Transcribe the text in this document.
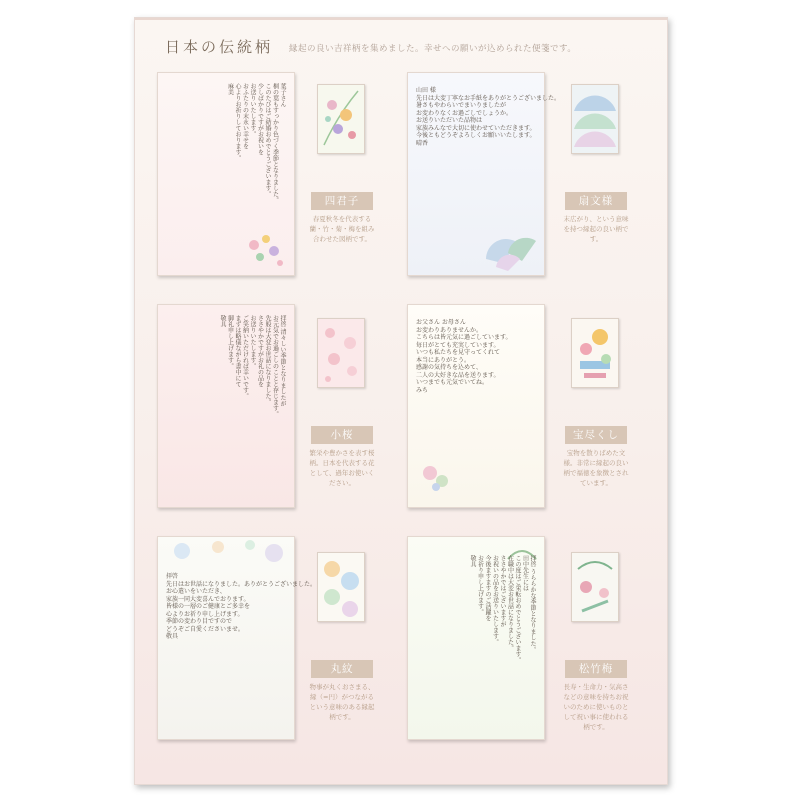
日本の伝統柄 縁起の良い吉祥柄を集めました。幸せへの願いが込められた便箋です。
葉子さん
桐の葉もすっかり色づく季節となりました。
このたびはご結婚おめでとうございます。
少しばかりですがお祝いを
お送りいたします。
おふたりの末永い幸せを
心よりお祈りしております。
麻美
四君子
春夏秋冬を代表する蘭・竹・菊・梅を組み合わせた図柄です。
山田 様
先日は大変丁寧なお手紙をありがとうございました。
暑さもやわらいでまいりましたが
お変わりなくお過ごしでしょうか。
お送りいただいた品物は
家族みんなで大切に使わせていただきます。
今後ともどうぞよろしくお願いいたします。
晴香
扇文様
末広がり、という意味を持つ縁起の良い柄です。
拝啓 清々しい季節となりましたが
お元気でお過ごしのことと存じます。
先般は大変お世話になりました。
ささやかですがお礼の品を
お送りいたします。
ご笑納いただければ幸いです。
まずは略儀ながら書中にて
御礼申し上げます。
敬具
小桜
繁栄や豊かさを表す桜柄。日本を代表する花として、過年お使いください。
お父さん お母さん
お変わりありませんか。
こちらは皆元気に過ごしています。
毎日がとても充実しています。
いつも私たちを見守ってくれて
本当にありがとう。
感謝の気持ちを込めて、
二人の大好きな品を送ります。
いつまでも元気でいてね。
みち
宝尽くし
宝物を散りばめた文様。非常に縁起の良い柄で福徳を象徴とされています。
拝啓
先日はお世話になりました。ありがとうございました。
お心遣いをいただき、
家族一同大変喜んでおります。
皆様の一層のご健康とご多幸を
心よりお祈り申し上げます。
季節の変わり目ですので
どうぞご自愛くださいませ。
敬具
丸紋
物事が丸くおさまる、縁（=円）がつながるという意味のある縁起柄です。
拝啓 うららかな季節となりました。
田中先生には
この度はご栄転おめでとうございます。
在職中は大変お世話になりました。
ささやかではございますが
お祝いの品をお送りいたします。
今後ますますのご活躍を
お祈り申し上げます。
敬具
松竹梅
長寿・生命力・気高さなどの意味を持ちお祝いのために使いものとして祝い事に使われる柄です。
